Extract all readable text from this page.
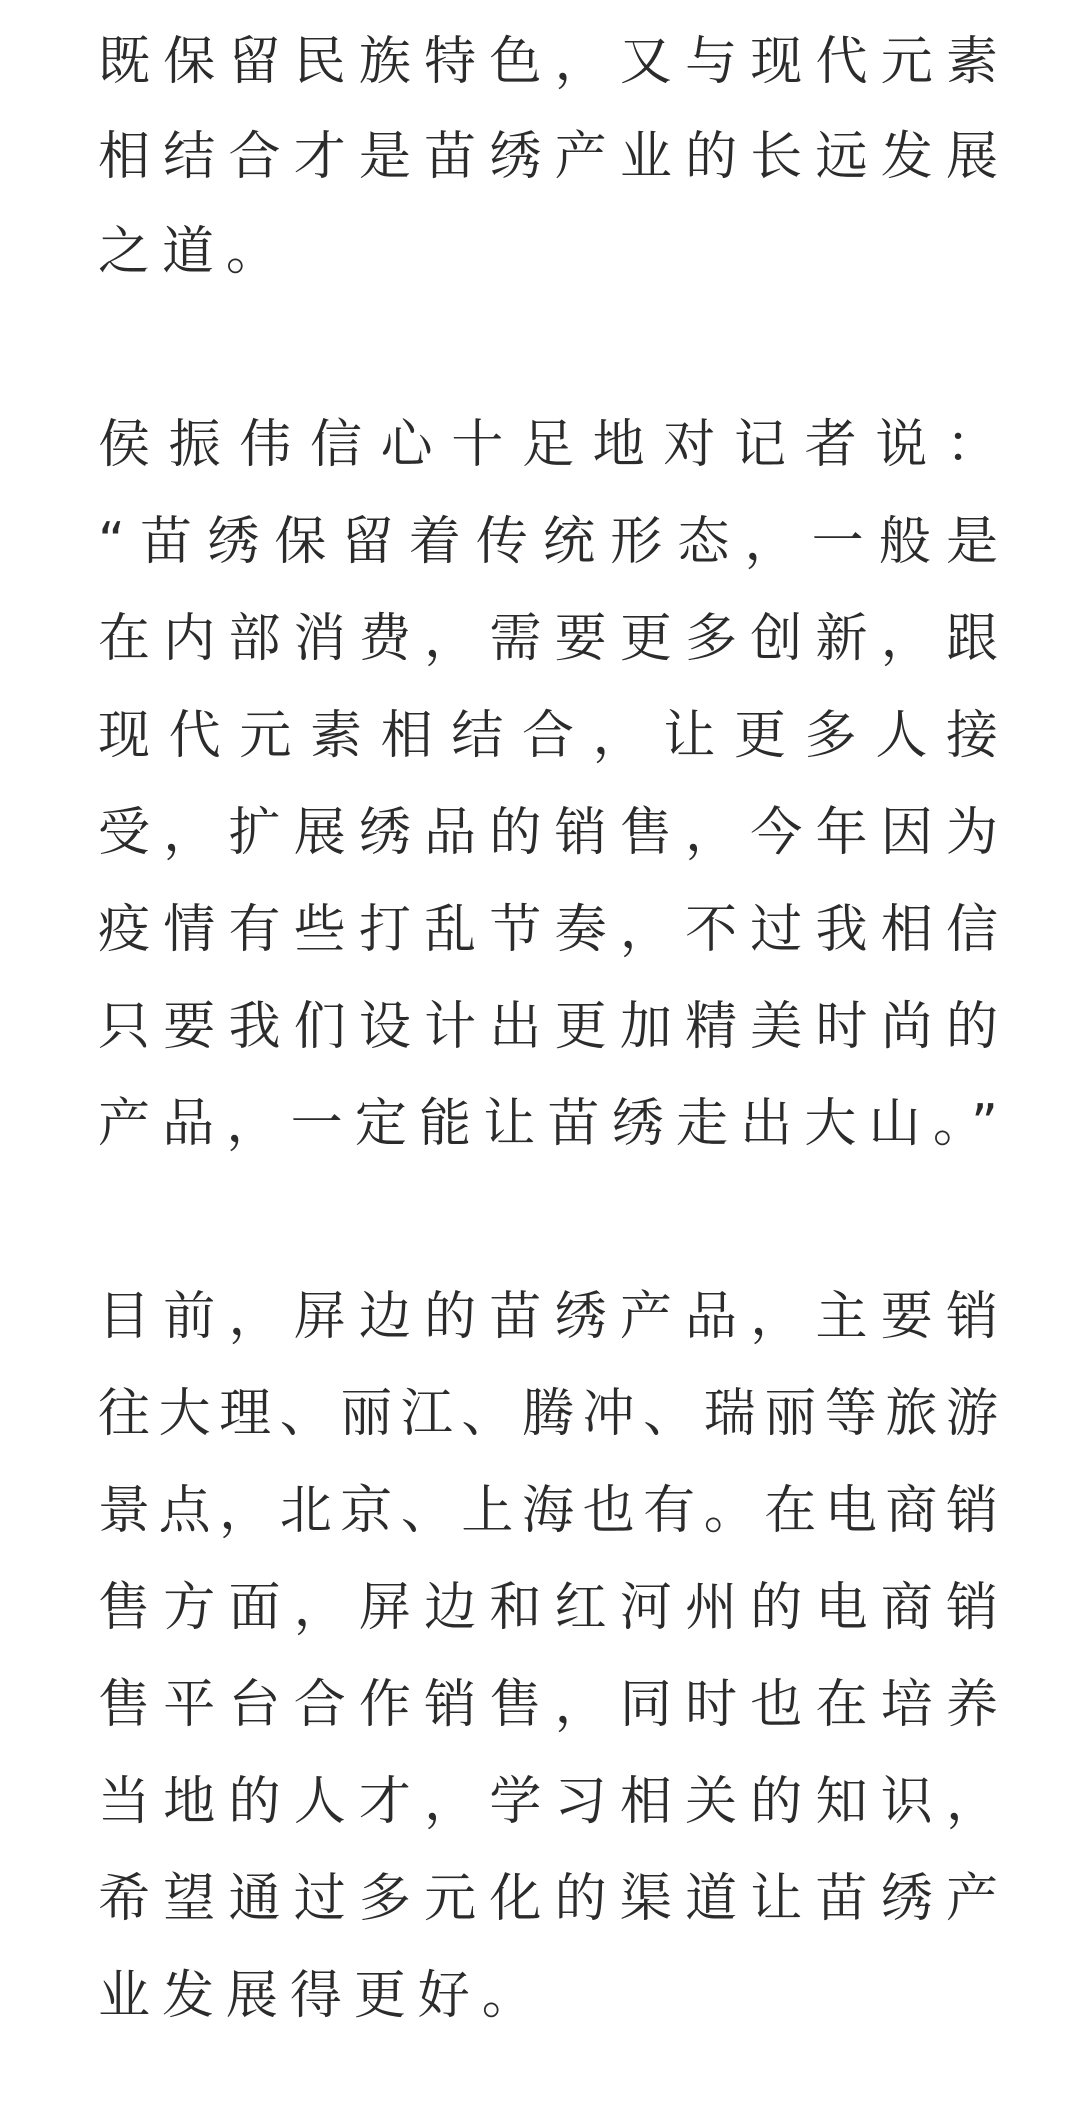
既保留民族特色，又与现代元素
相结合才是苗绣产业的长远发展
之道。
侯振伟信心十足地对记者说：
“苗绣保留着传统形态，一般是
在内部消费，需要更多创新，跟
现代元素相结合，让更多人接
受，扩展绣品的销售，今年因为
疫情有些打乱节奏，不过我相信
只要我们设计出更加精美时尚的
产品，一定能让苗绣走出大山。”
目前，屏边的苗绣产品，主要销
往大理、丽江、腾冲、瑞丽等旅游
景点，北京、上海也有。在电商销
售方面，屏边和红河州的电商销
售平台合作销售，同时也在培养
当地的人才，学习相关的知识，
希望通过多元化的渠道让苗绣产
业发展得更好。
